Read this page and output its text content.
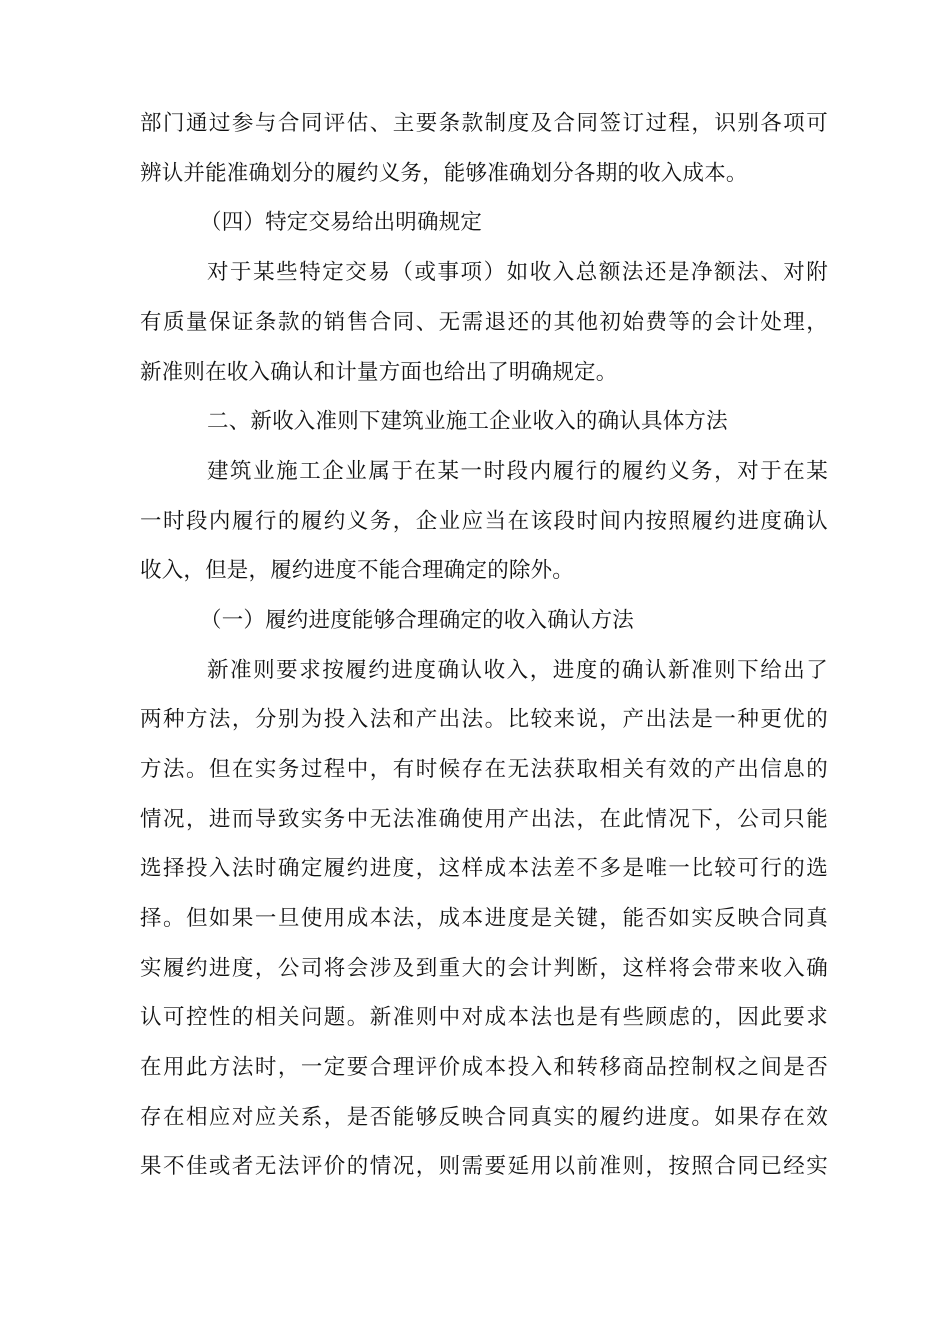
部门通过参与合同评估、主要条款制度及合同签订过程，识别各项可
辨认并能准确划分的履约义务，能够准确划分各期的收入成本。
（四）特定交易给出明确规定
对于某些特定交易（或事项）如收入总额法还是净额法、对附
有质量保证条款的销售合同、无需退还的其他初始费等的会计处理，
新准则在收入确认和计量方面也给出了明确规定。
二、新收入准则下建筑业施工企业收入的确认具体方法
建筑业施工企业属于在某一时段内履行的履约义务，对于在某
一时段内履行的履约义务，企业应当在该段时间内按照履约进度确认
收入，但是，履约进度不能合理确定的除外。
（一）履约进度能够合理确定的收入确认方法
新准则要求按履约进度确认收入，进度的确认新准则下给出了
两种方法，分别为投入法和产出法。比较来说，产出法是一种更优的
方法。但在实务过程中，有时候存在无法获取相关有效的产出信息的
情况，进而导致实务中无法准确使用产出法，在此情况下，公司只能
选择投入法时确定履约进度，这样成本法差不多是唯一比较可行的选
择。但如果一旦使用成本法，成本进度是关键，能否如实反映合同真
实履约进度，公司将会涉及到重大的会计判断，这样将会带来收入确
认可控性的相关问题。新准则中对成本法也是有些顾虑的，因此要求
在用此方法时，一定要合理评价成本投入和转移商品控制权之间是否
存在相应对应关系，是否能够反映合同真实的履约进度。如果存在效
果不佳或者无法评价的情况，则需要延用以前准则，按照合同已经实
